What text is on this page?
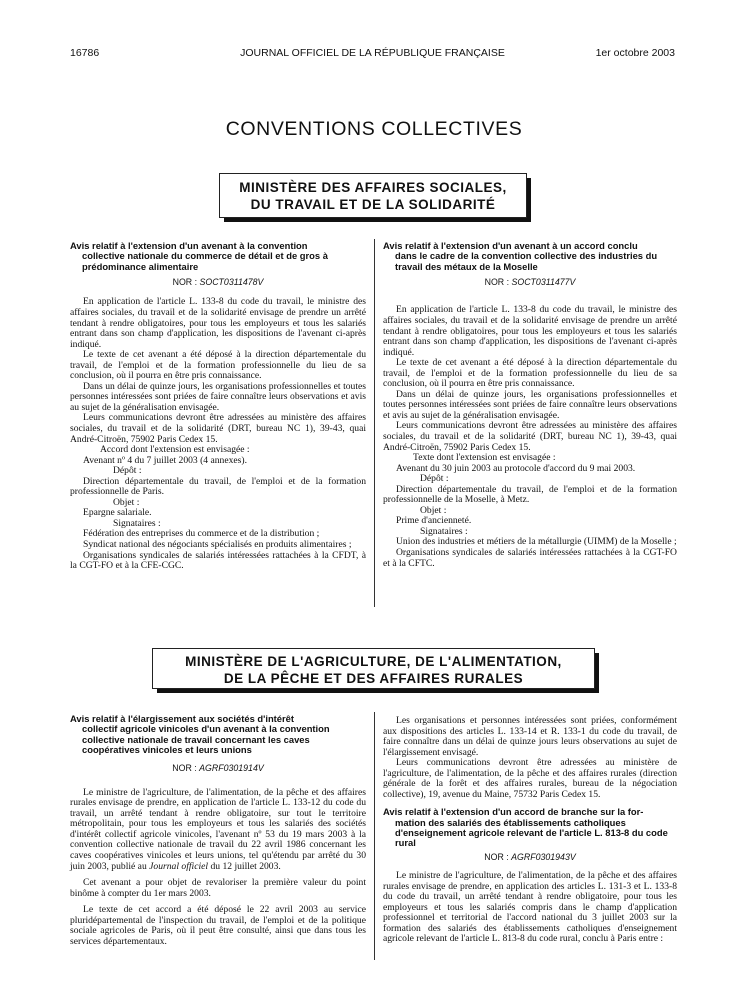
16786	JOURNAL OFFICIEL DE LA RÉPUBLIQUE FRANÇAISE	1er octobre 2003
CONVENTIONS COLLECTIVES
MINISTÈRE DES AFFAIRES SOCIALES,
DU TRAVAIL ET DE LA SOLIDARITÉ
Avis relatif à l'extension d'un avenant à la convention
collective nationale du commerce de détail et de gros à prédominance alimentaire
NOR : SOCT0311478V

En application de l'article L. 133-8 du code du travail, le ministre des affaires sociales, du travail et de la solidarité envisage de prendre un arrêté tendant à rendre obligatoires, pour tous les employeurs et tous les salariés entrant dans son champ d'application, les dispositions de l'avenant ci-après indiqué.

Le texte de cet avenant a été déposé à la direction départementale du travail, de l'emploi et de la formation professionnelle du lieu de sa conclusion, où il pourra en être pris connaissance.

Dans un délai de quinze jours, les organisations professionnelles et toutes personnes intéressées sont priées de faire connaître leurs observations et avis au sujet de la généralisation envisagée.

Leurs communications devront être adressées au ministère des affaires sociales, du travail et de la solidarité (DRT, bureau NC 1), 39-43, quai André-Citroën, 75902 Paris Cedex 15.

Accord dont l'extension est envisagée :

Avenant nº 4 du 7 juillet 2003 (4 annexes).

Dépôt :

Direction départementale du travail, de l'emploi et de la formation professionnelle de Paris.

Objet :

Epargne salariale.

Signataires :

Fédération des entreprises du commerce et de la distribution ;

Syndicat national des négociants spécialisés en produits alimentaires ;

Organisations syndicales de salariés intéressées rattachées à la CFDT, à la CGT-FO et à la CFE-CGC.

Avis relatif à l'extension d'un avenant à un accord conclu
dans le cadre de la convention collective des industries du travail des métaux de la Moselle
NOR : SOCT0311477V

En application de l'article L. 133-8 du code du travail, le ministre des affaires sociales, du travail et de la solidarité envisage de prendre un arrêté tendant à rendre obligatoires, pour tous les employeurs et tous les salariés entrant dans son champ d'application, les dispositions de l'avenant ci-après indiqué.

Le texte de cet avenant a été déposé à la direction départementale du travail, de l'emploi et de la formation professionnelle du lieu de sa conclusion, où il pourra en être pris connaissance.

Dans un délai de quinze jours, les organisations professionnelles et toutes personnes intéressées sont priées de faire connaître leurs observations et avis au sujet de la généralisation envisagée.

Leurs communications devront être adressées au ministère des affaires sociales, du travail et de la solidarité (DRT, bureau NC 1), 39-43, quai André-Citroën, 75902 Paris Cedex 15.

Texte dont l'extension est envisagée :

Avenant du 30 juin 2003 au protocole d'accord du 9 mai 2003.

Dépôt :

Direction départementale du travail, de l'emploi et de la formation professionnelle de la Moselle, à Metz.

Objet :

Prime d'ancienneté.

Signataires :

Union des industries et métiers de la métallurgie (UIMM) de la Moselle ;

Organisations syndicales de salariés intéressées rattachées à la CGT-FO et à la CFTC.

MINISTÈRE DE L'AGRICULTURE, DE L'ALIMENTATION,
DE LA PÊCHE ET DES AFFAIRES RURALES
Avis relatif à l'élargissement aux sociétés d'intérêt
collectif agricole vinicoles d'un avenant à la convention collective nationale de travail concernant les caves coopératives vinicoles et leurs unions
NOR : AGRF0301914V

Le ministre de l'agriculture, de l'alimentation, de la pêche et des affaires rurales envisage de prendre, en application de l'article L. 133-12 du code du travail, un arrêté tendant à rendre obligatoire, sur tout le territoire métropolitain, pour tous les employeurs et tous les salariés des sociétés d'intérêt collectif agricole vinicoles, l'avenant nº 53 du 19 mars 2003 à la convention collective nationale de travail du 22 avril 1986 concernant les caves coopératives vinicoles et leurs unions, tel qu'étendu par arrêté du 30 juin 2003, publié au Journal officiel du 12 juillet 2003.

Cet avenant a pour objet de revaloriser la première valeur du point binôme à compter du 1er mars 2003.

Le texte de cet accord a été déposé le 22 avril 2003 au service pluridépartemental de l'inspection du travail, de l'emploi et de la politique sociale agricoles de Paris, où il peut être consulté, ainsi que dans tous les services départementaux.

Les organisations et personnes intéressées sont priées, conformément aux dispositions des articles L. 133-14 et R. 133-1 du code du travail, de faire connaître dans un délai de quinze jours leurs observations au sujet de l'élargissement envisagé.

Leurs communications devront être adressées au ministère de l'agriculture, de l'alimentation, de la pêche et des affaires rurales (direction générale de la forêt et des affaires rurales, bureau de la négociation collective), 19, avenue du Maine, 75732 Paris Cedex 15.

Avis relatif à l'extension d'un accord de branche sur la for-
mation des salariés des établissements catholiques d'enseignement agricole relevant de l'article L. 813-8 du code rural
NOR : AGRF0301943V

Le ministre de l'agriculture, de l'alimentation, de la pêche et des affaires rurales envisage de prendre, en application des articles L. 131-3 et L. 133-8 du code du travail, un arrêté tendant à rendre obligatoire, pour tous les employeurs et tous les salariés compris dans le champ d'application professionnel et territorial de l'accord national du 3 juillet 2003 sur la formation des salariés des établissements catholiques d'enseignement agricole relevant de l'article L. 813-8 du code rural, conclu à Paris entre :
